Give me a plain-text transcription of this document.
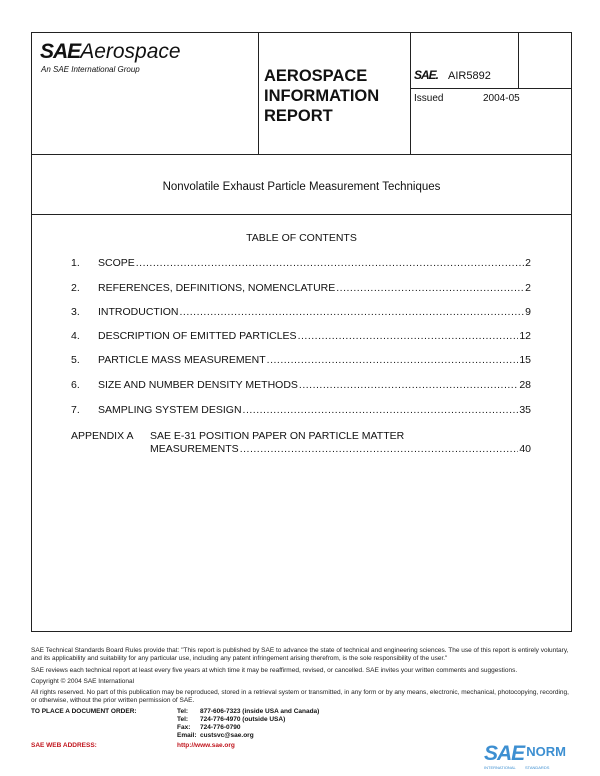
SAEAerospace
An SAE International Group	AEROSPACE
INFORMATION
REPORT
SAE. AIR5892
Issued	2004-05
Nonvolatile Exhaust Particle Measurement Techniques
TABLE OF CONTENTS
1. SCOPE .....	2
2. REFERENCES, DEFINITIONS, NOMENCLATURE .....	2
3. INTRODUCTION .....	9
4. DESCRIPTION OF EMITTED PARTICLES .....	12
5. PARTICLE MASS MEASUREMENT .....	15
6. SIZE AND NUMBER DENSITY METHODS .....	28
7. SAMPLING SYSTEM DESIGN .....	35
APPENDIX A SAE E-31 POSITION PAPER ON PARTICLE MATTER
MEASUREMENTS .....	40
SAE Technical Standards Board Rules provide that: "This report is published by SAE to advance the state of technical and engineering sciences. The use of this report is entirely voluntary, and its applicability and suitability for any particular use, including any patent infringement arising therefrom, is the sole responsibility of the user."
SAE reviews each technical report at least every five years at which time it may be reaffirmed, revised, or cancelled. SAE invites your written comments and suggestions.
Copyright © 2004 SAE International
All rights reserved. No part of this publication may be reproduced, stored in a retrieval system or transmitted, in any form or by any means, electronic, mechanical, photocopying, recording, or otherwise, without the prior written permission of SAE.
TO PLACE A DOCUMENT ORDER:	Tel: 877-606-7323 (inside USA and Canada)
Tel: 724-776-4970 (outside USA)
Fax: 724-776-0790
Email: custsvc@sae.org
SAE WEB ADDRESS:	http://www.sae.org	SAE $^{NORM}$
INTERNATIONAL STANDARDS
